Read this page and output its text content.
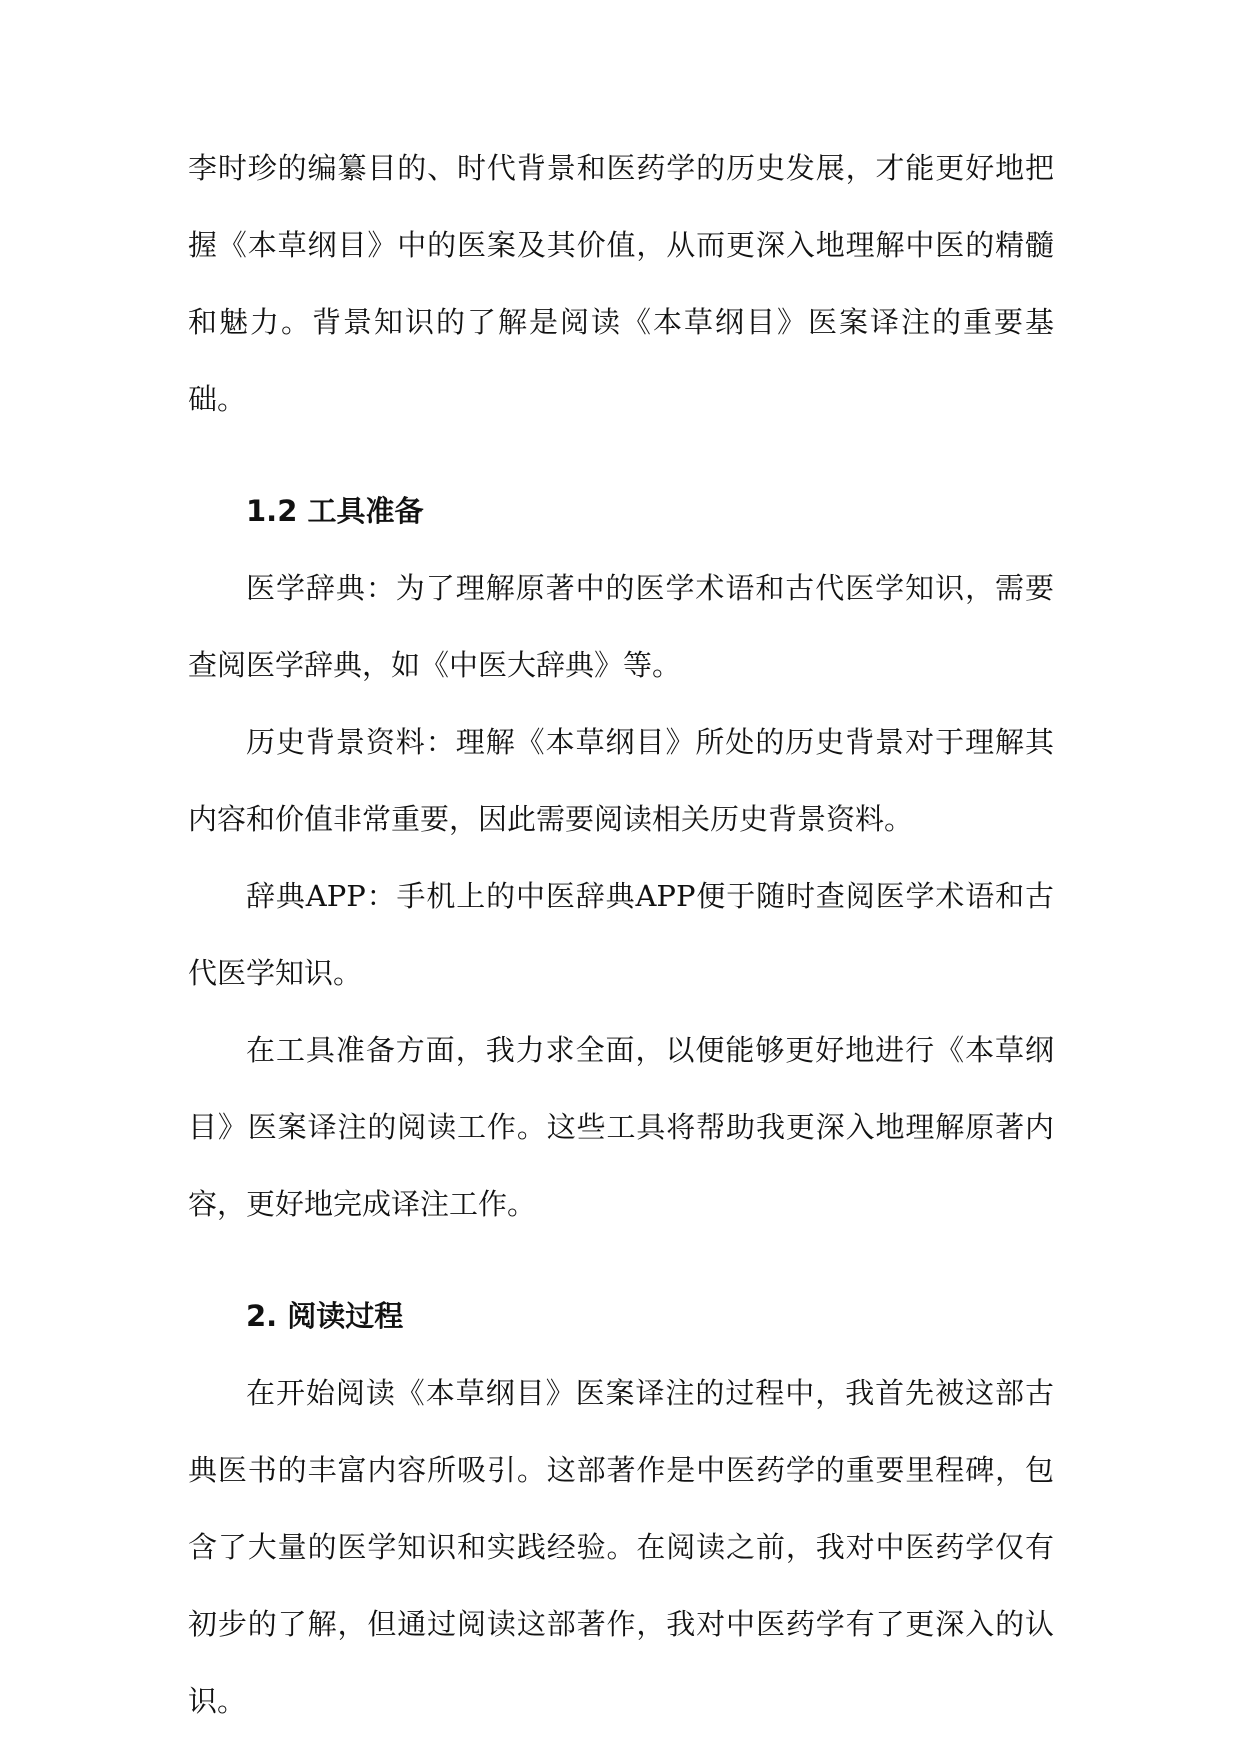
李时珍的编纂目的、时代背景和医药学的历史发展，才能更好地把握《本草纲目》中的医案及其价值，从而更深入地理解中医的精髓和魅力。背景知识的了解是阅读《本草纲目》医案译注的重要基础。

1.2 工具准备

医学辞典：为了理解原著中的医学术语和古代医学知识，需要查阅医学辞典，如《中医大辞典》等。

历史背景资料：理解《本草纲目》所处的历史背景对于理解其内容和价值非常重要，因此需要阅读相关历史背景资料。

辞典APP：手机上的中医辞典APP便于随时查阅医学术语和古代医学知识。

在工具准备方面，我力求全面，以便能够更好地进行《本草纲目》医案译注的阅读工作。这些工具将帮助我更深入地理解原著内容，更好地完成译注工作。

2. 阅读过程

在开始阅读《本草纲目》医案译注的过程中，我首先被这部古典医书的丰富内容所吸引。这部著作是中医药学的重要里程碑，包含了大量的医学知识和实践经验。在阅读之前，我对中医药学仅有初步的了解，但通过阅读这部著作，我对中医药学有了更深入的认识。
